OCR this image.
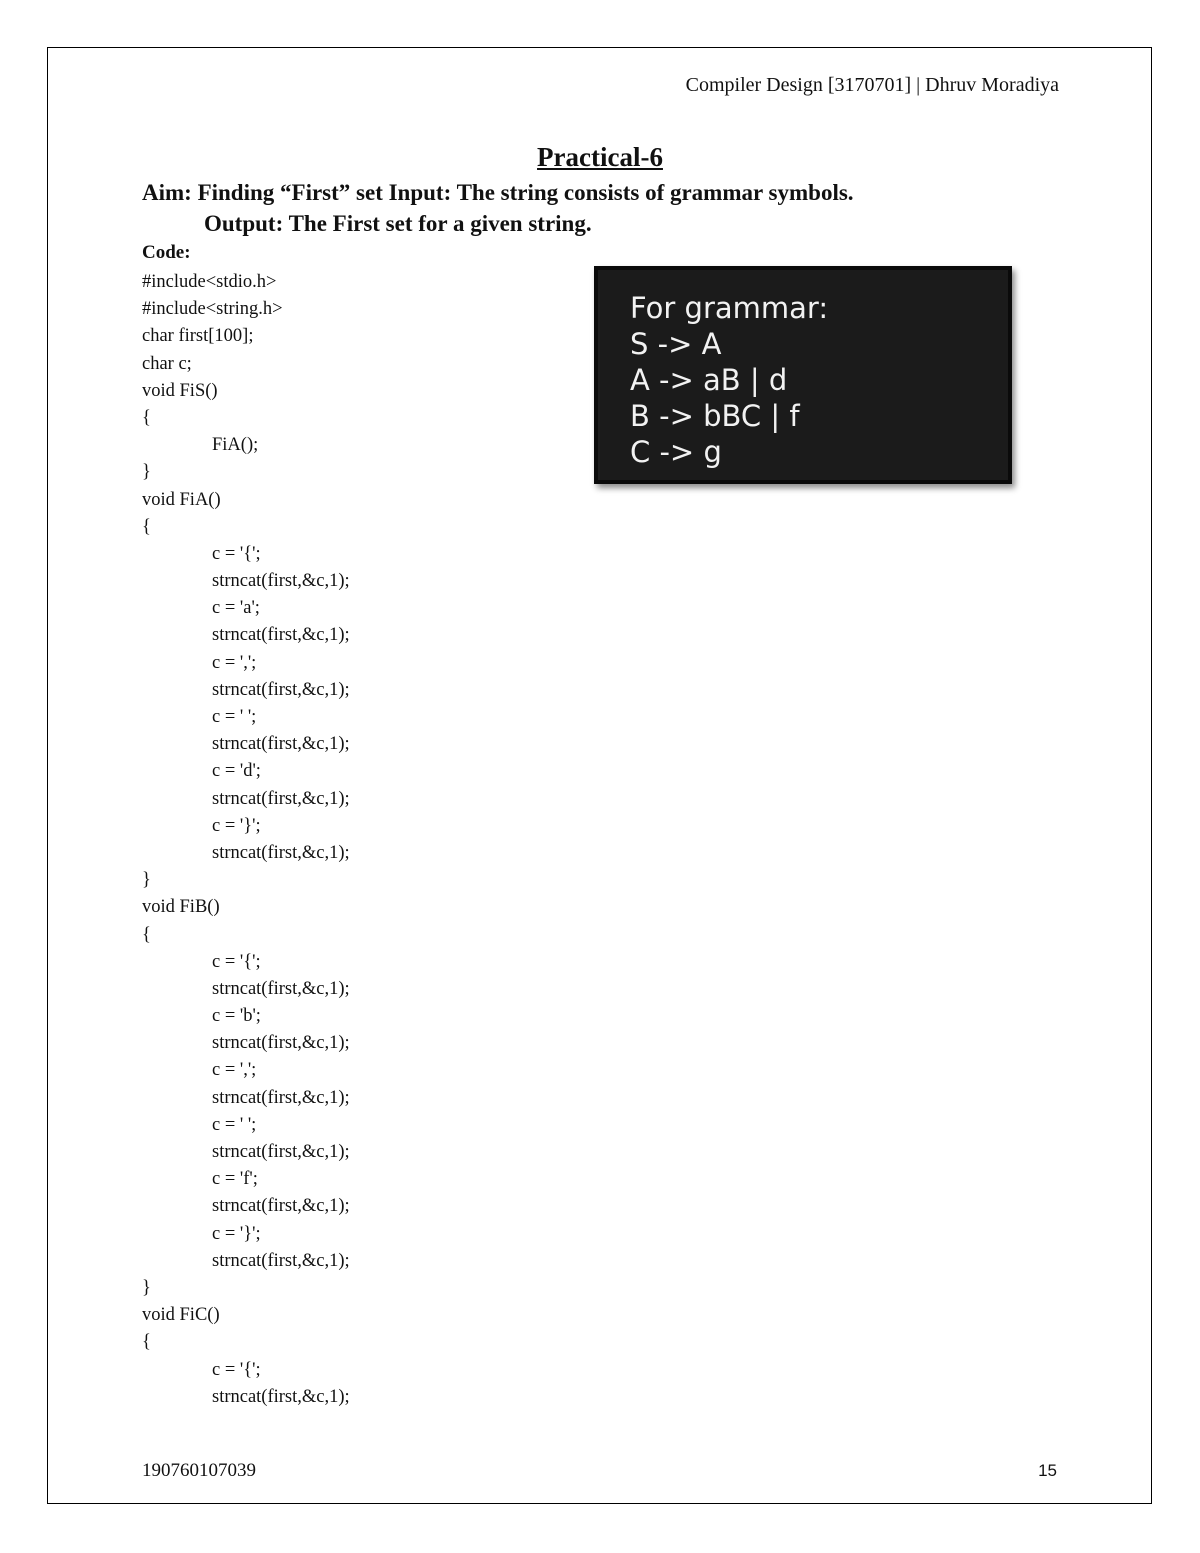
Compiler Design [3170701] | Dhruv Moradiya
Practical-6
Aim: Finding “First” set Input: The string consists of grammar symbols.
Output: The First set for a given string.
Code:
#include<stdio.h>
#include<string.h>
char first[100];
char c;
void FiS()
{
FiA();
}
void FiA()
{
c = '{';
strncat(first,&c,1);
c = 'a';
strncat(first,&c,1);
c = ',';
strncat(first,&c,1);
c = ' ';
strncat(first,&c,1);
c = 'd';
strncat(first,&c,1);
c = '}';
strncat(first,&c,1);
}
void FiB()
{
c = '{';
strncat(first,&c,1);
c = 'b';
strncat(first,&c,1);
c = ',';
strncat(first,&c,1);
c = ' ';
strncat(first,&c,1);
c = 'f';
strncat(first,&c,1);
c = '}';
strncat(first,&c,1);
}
void FiC()
{
c = '{';
strncat(first,&c,1);
For grammar:
S -> A
A -> aB | d
B -> bBC | f
C -> g
190760107039	15
